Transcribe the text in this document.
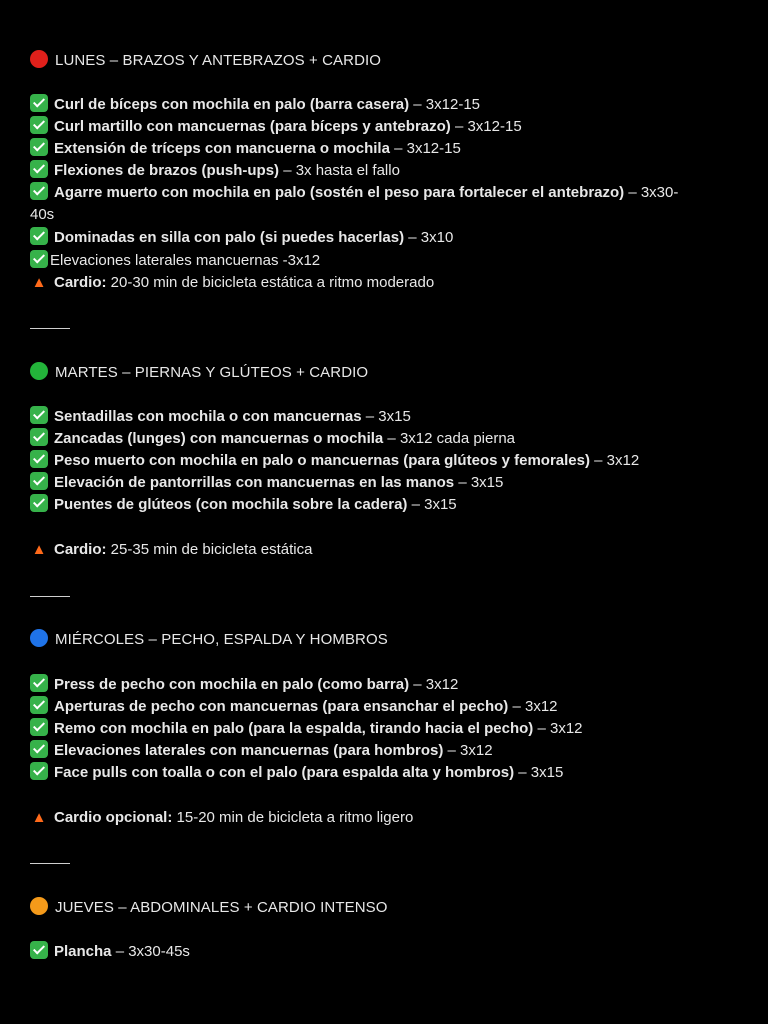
LUNES – BRAZOS Y ANTEBRAZOS + CARDIO
Curl de bíceps con mochila en palo (barra casera) – 3x12-15
Curl martillo con mancuernas (para bíceps y antebrazo) – 3x12-15
Extensión de tríceps con mancuerna o mochila – 3x12-15
Flexiones de brazos (push-ups) – 3x hasta el fallo
Agarre muerto con mochila en palo (sostén el peso para fortalecer el antebrazo) – 3x30-40s
Dominadas en silla con palo (si puedes hacerlas) – 3x10
Elevaciones laterales mancuernas -3x12
▲ Cardio: 20-30 min de bicicleta estática a ritmo moderado
MARTES – PIERNAS Y GLÚTEOS + CARDIO
Sentadillas con mochila o con mancuernas – 3x15
Zancadas (lunges) con mancuernas o mochila – 3x12 cada pierna
Peso muerto con mochila en palo o mancuernas (para glúteos y femorales) – 3x12
Elevación de pantorrillas con mancuernas en las manos – 3x15
Puentes de glúteos (con mochila sobre la cadera) – 3x15
▲ Cardio: 25-35 min de bicicleta estática
MIÉRCOLES – PECHO, ESPALDA Y HOMBROS
Press de pecho con mochila en palo (como barra) – 3x12
Aperturas de pecho con mancuernas (para ensanchar el pecho) – 3x12
Remo con mochila en palo (para la espalda, tirando hacia el pecho) – 3x12
Elevaciones laterales con mancuernas (para hombros) – 3x12
Face pulls con toalla o con el palo (para espalda alta y hombros) – 3x15
▲ Cardio opcional: 15-20 min de bicicleta a ritmo ligero
JUEVES – ABDOMINALES + CARDIO INTENSO
Plancha – 3x30-45s
